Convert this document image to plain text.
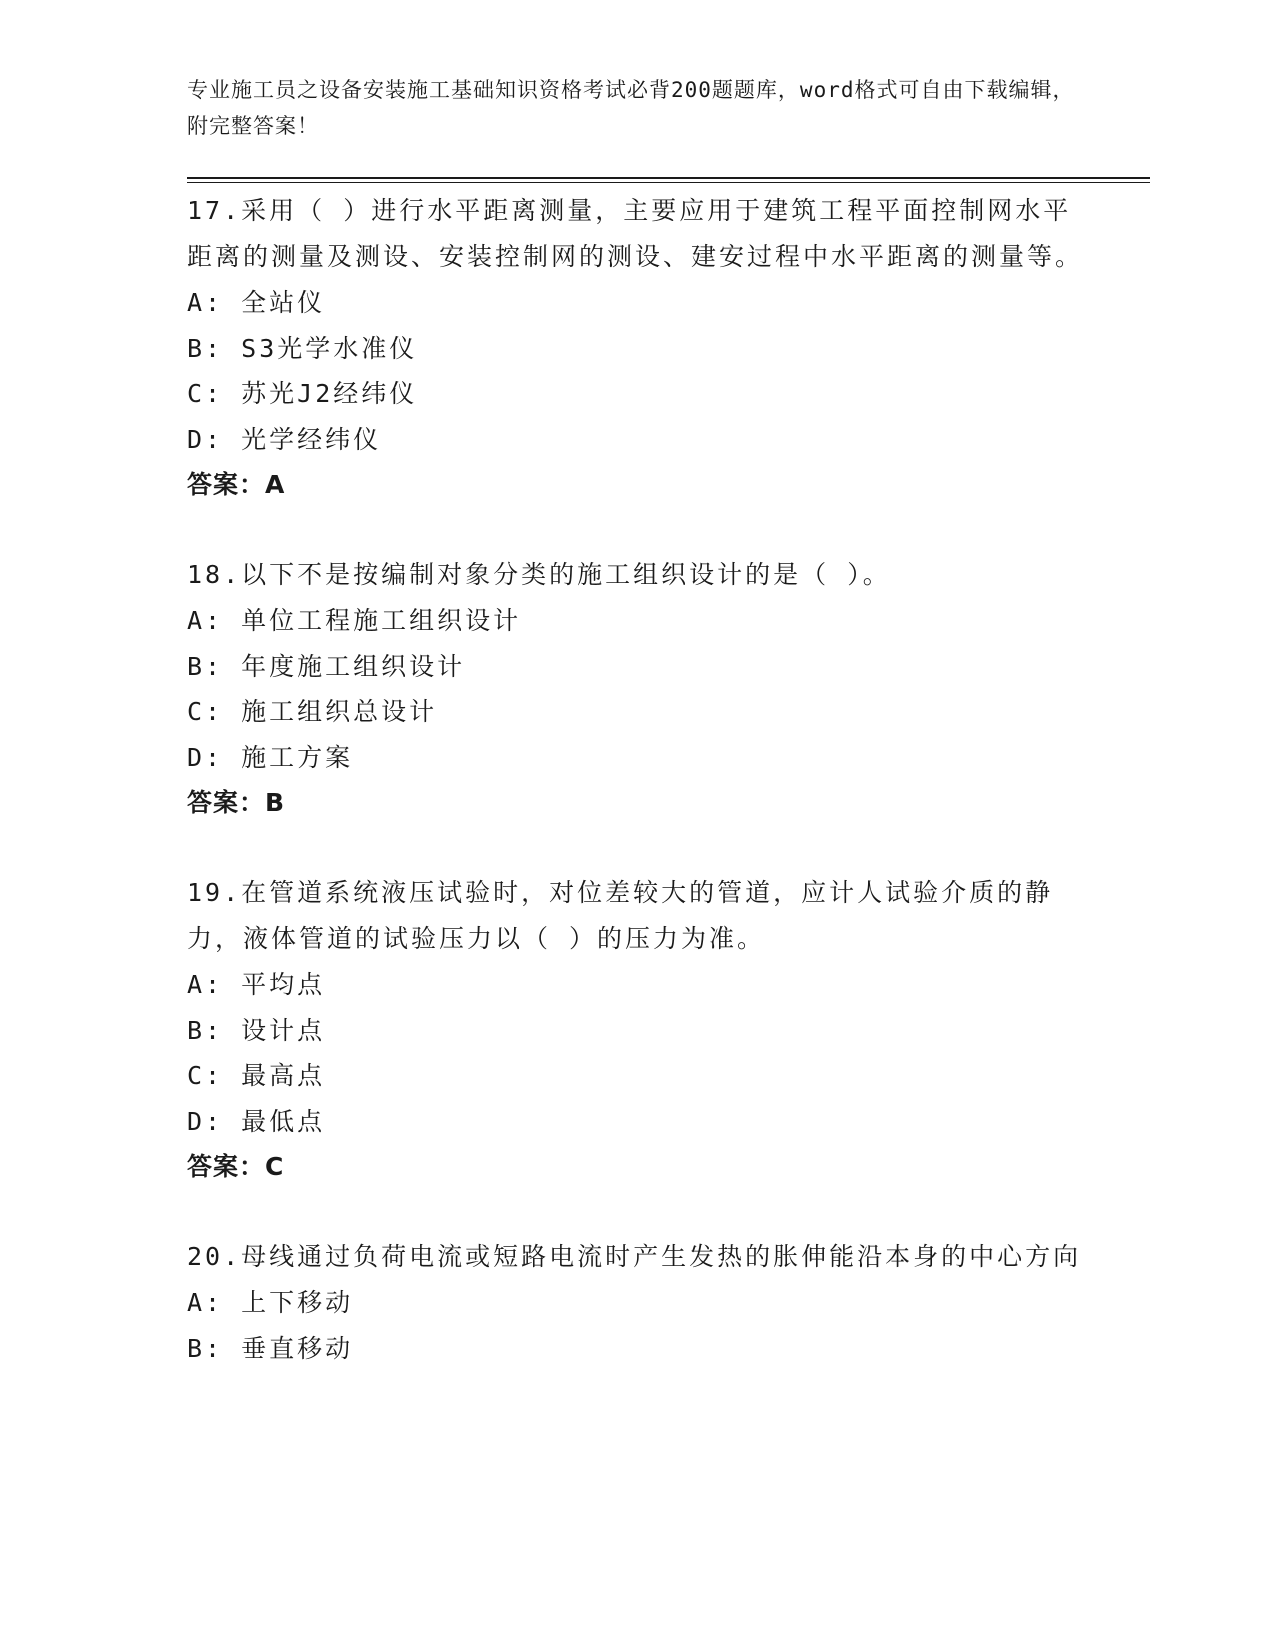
专业施工员之设备安装施工基础知识资格考试必背200题题库，word格式可自由下载编辑，附完整答案！

17.采用（ ）进行水平距离测量，主要应用于建筑工程平面控制网水平距离的测量及测设、安装控制网的测设、建安过程中水平距离的测量等。

A: 全站仪

B: S3光学水准仪

C: 苏光J2经纬仪

D: 光学经纬仪

答案：A

18.以下不是按编制对象分类的施工组织设计的是（ ）。

A: 单位工程施工组织设计

B: 年度施工组织设计

C: 施工组织总设计

D: 施工方案

答案：B

19.在管道系统液压试验时，对位差较大的管道，应计人试验介质的静力，液体管道的试验压力以（ ）的压力为准。

A: 平均点

B: 设计点

C: 最高点

D: 最低点

答案：C

20.母线通过负荷电流或短路电流时产生发热的胀伸能沿本身的中心方向

A: 上下移动

B: 垂直移动
